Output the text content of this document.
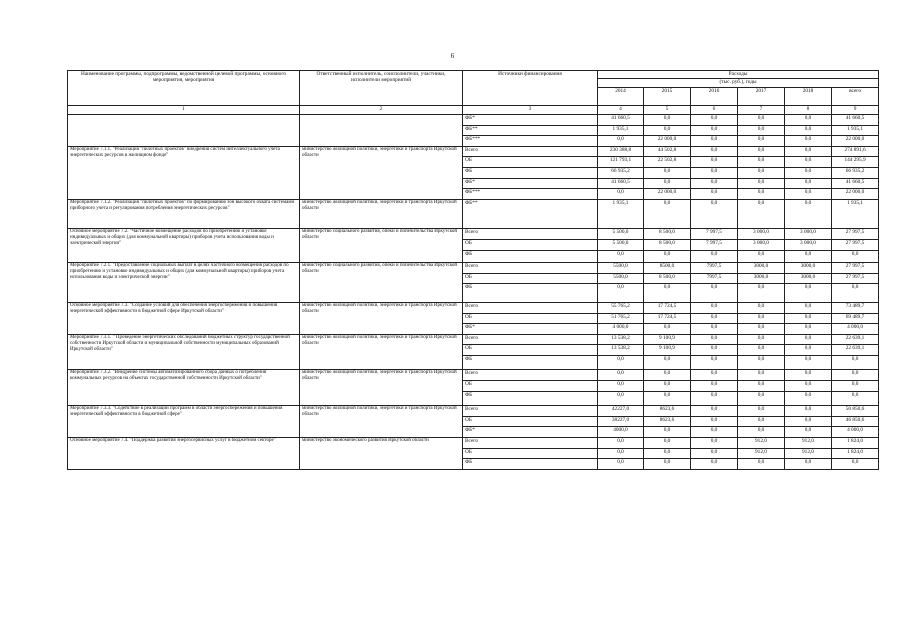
6
Наименование программы, подпрограммы, ведомственной целевой программы, основного мероприятия, мероприятия	Ответственный исполнитель, соисполнители, участники, исполнители мероприятий	Источники финансирования	Расходы					
			(тыс. руб.), годы					
			2014	2015	2016	2017	2018	всего
1	2	3	4	5	6	7	8	9
		ФБ*	41 660,5	0,0	0,0	0,0	0,0	41 660,5
		ФБ**	1 935,1	0,0	0,0	0,0	0,0	1 935,1
		ФБ***	0,0	22 000,0	0,0	0,0	0,0	22 000,0
Мероприятие 7.1.1. "Реализация "пилотных проектов" внедрения систем интеллектуального учета энергетических ресурсов в жилищном фонде"	министерство жилищной политики, энергетики и транспорта Иркутской области	Всего	230 388,8	44 502,8	0,0	0,0	0,0	274 891,6
		ОБ	121 793,1	22 502,8	0,0	0,0	0,0	144 295,9
		ФБ	66 935,2	0,0	0,0	0,0	0,0	66 935,2
		ФБ*	41 660,5	0,0	0,0	0,0	0,0	41 660,5
		ФБ***	0,0	22 000,0	0,0	0,0	0,0	22 000,0
Мероприятие 7.1.2. "Реализация "пилотных проектов" по формированию зон высокого охвата системами приборного учета и регулирования потребления энергетических ресурсов"	министерство жилищной политики, энергетики и транспорта Иркутской области	ФБ**	1 935,1	0,0	0,0	0,0	0,0	1 935,1
Основное мероприятие 7.2. "Частичное возмещение расходов по приобретению и установке индивидуальных и общих (для коммунальной квартиры) приборов учета использования воды и электрической энергии"	министерство социального развития, опеки и попечительства Иркутской области	Всего	5 500,0	8 500,0	7 997,5	3 000,0	3 000,0	27 997,5
		ОБ	5 500,0	8 500,0	7 997,5	3 000,0	3 000,0	27 997,5
		ФБ	0,0	0,0	0,0	0,0	0,0	0,0
Мероприятие 7.2.1. "Предоставление социальных выплат в целях частичного возмещения расходов по приобретению и установке индивидуальных и общих (для коммунальной квартиры) приборов учета использования воды и электрической энергии"	министерство социального развития, опеки и попечительства Иркутской области	Всего	5500,0	8500,0	7997,5	3000,0	3000,0	27 997,5
		ОБ	5500,0	8 500,0	7997,5	3000,0	3000,0	27 997,5
		ФБ	0,0	0,0	0,0	0,0	0,0	0,0
Основное мероприятие 7.3. "Создание условий для обеспечения энергосбережения и повышения энергетической эффективности в бюджетной сфере Иркутской области"	министерство жилищной политики, энергетики и транспорта Иркутской области	Всего	55 765,2	17 724,5	0,0	0,0	0,0	73 489,7
		ОБ	51 765,2	17 724,5	0,0	0,0	0,0	69 489,7
		ФБ*	4 000,0	0,0	0,0	0,0	0,0	4 000,0
Мероприятие 7.3.1. " Проведение энергетических обследований бюджетных структур государственной собственности Иркутской области и муниципальной собственности муниципальных образований Иркутской области"	министерство жилищной политики, энергетики и транспорта Иркутской области	Всего	13 538,2	9 100,9	0,0	0,0	0,0	22 639,1
		ОБ	13 538,2	9 100,9	0,0	0,0	0,0	22 639,1
		ФБ	0,0	0,0	0,0	0,0	0,0	0,0
Мероприятие 7.3.2. "Внедрение системы автоматизированного сбора данных о потреблении коммунальных ресурсов на объектах государственной собственности Иркутской области"	министерство жилищной политики, энергетики и транспорта Иркутской области	Всего	0,0	0,0	0,0	0,0	0,0	0,0
		ОБ	0,0	0,0	0,0	0,0	0,0	0,0
		ФБ	0,0	0,0	0,0	0,0	0,0	0,0
Мероприятие 7.3.3. "Содействие в реализации программ в области энергосбережения и повышения энергетической эффективности в бюджетной сфере"	министерство жилищной политики, энергетики и транспорта Иркутской области	Всего	42227,0	8623,6	0,0	0,0	0,0	50 850,6
		ОБ	38227,0	8623,6	0,0	0,0	0,0	46 850,6
		ФБ*	4000,0	0,0	0,0	0,0	0,0	4 000,0
Основное мероприятие 7.4. "Поддержка развития энергосервисных услуг в бюджетном секторе"	министерство экономического развития Иркутской области	Всего	0,0	0,0	0,0	912,0	912,0	1 824,0
		ОБ	0,0	0,0	0,0	912,0	912,0	1 824,0
		ФБ	0,0	0,0	0,0	0,0	0,0	0,0
